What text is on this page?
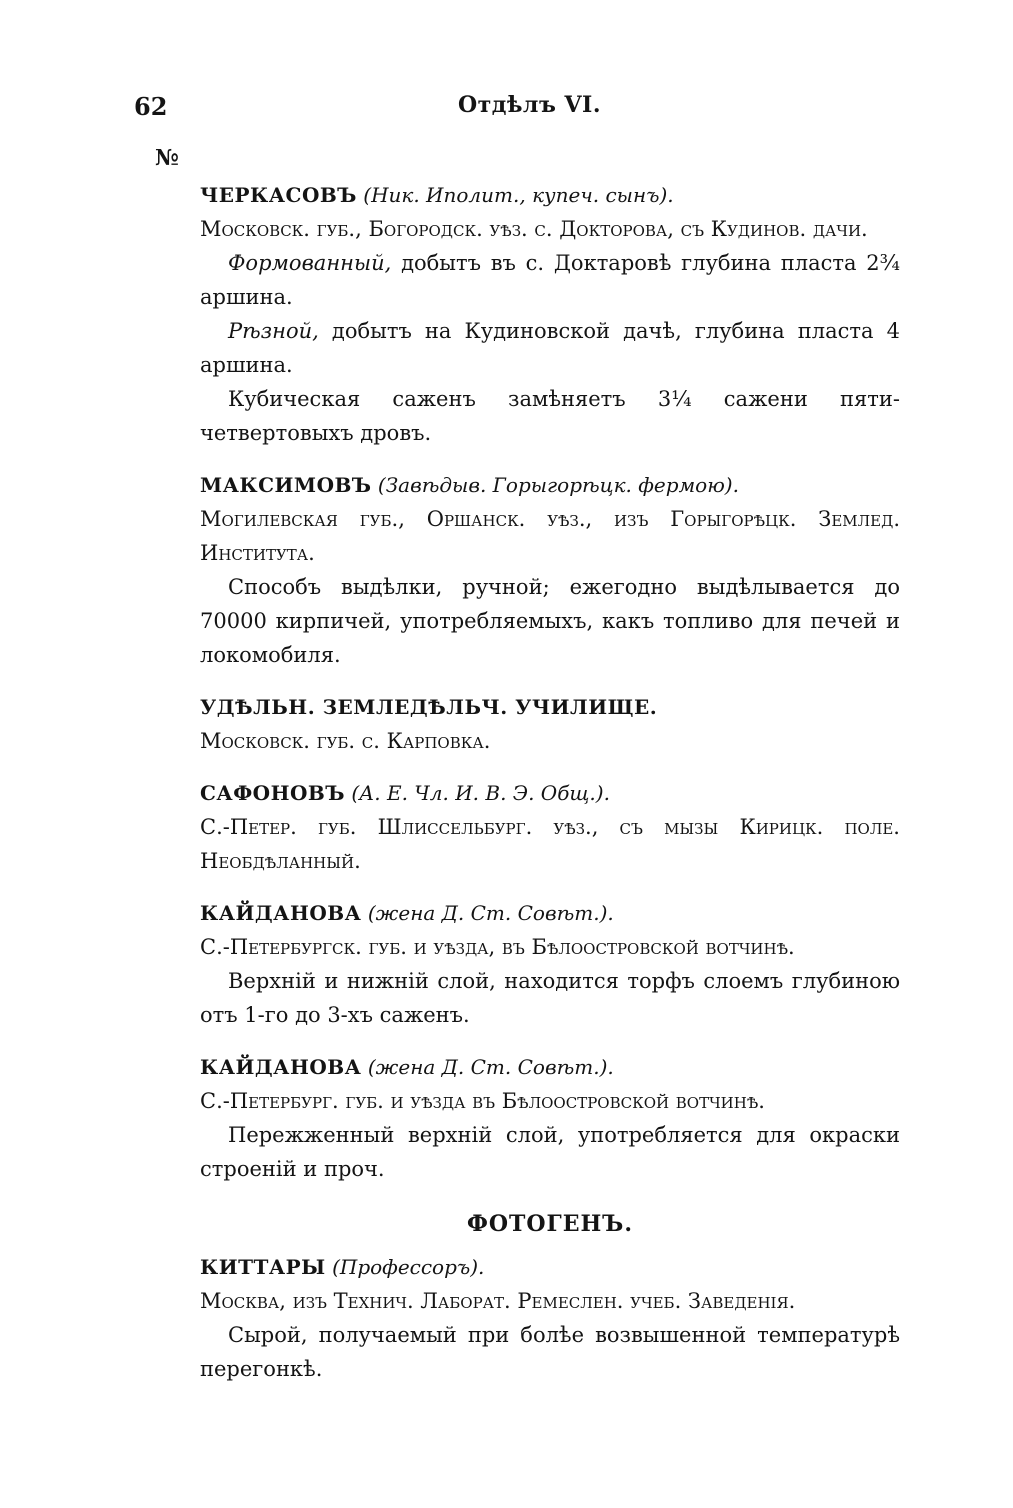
62	Отдѣлъ VI.
№
ЧЕРКАСОВЪ (Ник. Иполит., купеч. сынъ).
Московск. губ., Богородск. уѣз. с. Докторова, съ Кудинов. дачи.

Формованный, добытъ въ с. Доктаровѣ глубина пласта 2¾ аршина.

Рѣзной, добытъ на Кудиновской дачѣ, глубина пласта 4 аршина.

Кубическая саженъ замѣняетъ 3¼ сажени пяти-четвертовыхъ дровъ.

МАКСИМОВЪ (Завѣдыв. Горыгорѣцк. фермою).
Могилевская губ., Оршанск. уѣз., изъ Горыгорѣцк. Землед. Института.

Способъ выдѣлки, ручной; ежегодно выдѣлывается до 70000 кирпичей, употребляемыхъ, какъ топливо для печей и локомобиля.

УДѢЛЬН. ЗЕМЛЕДѢЛЬЧ. УЧИЛИЩЕ.
Московск. губ. с. Карповка.
САФОНОВЪ (А. Е. Чл. И. В. Э. Общ.).
С.-Петер. губ. Шлиссельбург. уѣз., съ мызы Кирицк. поле. Необдѣланный.
КАЙДАНОВА (жена Д. Ст. Совѣт.).
С.-Петербургск. губ. и уѣзда, въ Бѣлоостровской вотчинѣ.

Верхній и нижній слой, находится торфъ слоемъ глубиною отъ 1-го до 3-хъ саженъ.

КАЙДАНОВА (жена Д. Ст. Совѣт.).
С.-Петербург. губ. и уѣзда въ Бѣлоостровской вотчинѣ.

Пережженный верхній слой, употребляется для окраски строеній и проч.

ФОТОГЕНЪ.
КИТТАРЫ (Профессоръ).
Москва, изъ Технич. Лаборат. Ремеслен. учеб. Заведенія.

Сырой, получаемый при болѣе возвышенной температурѣ перегонкѣ.
